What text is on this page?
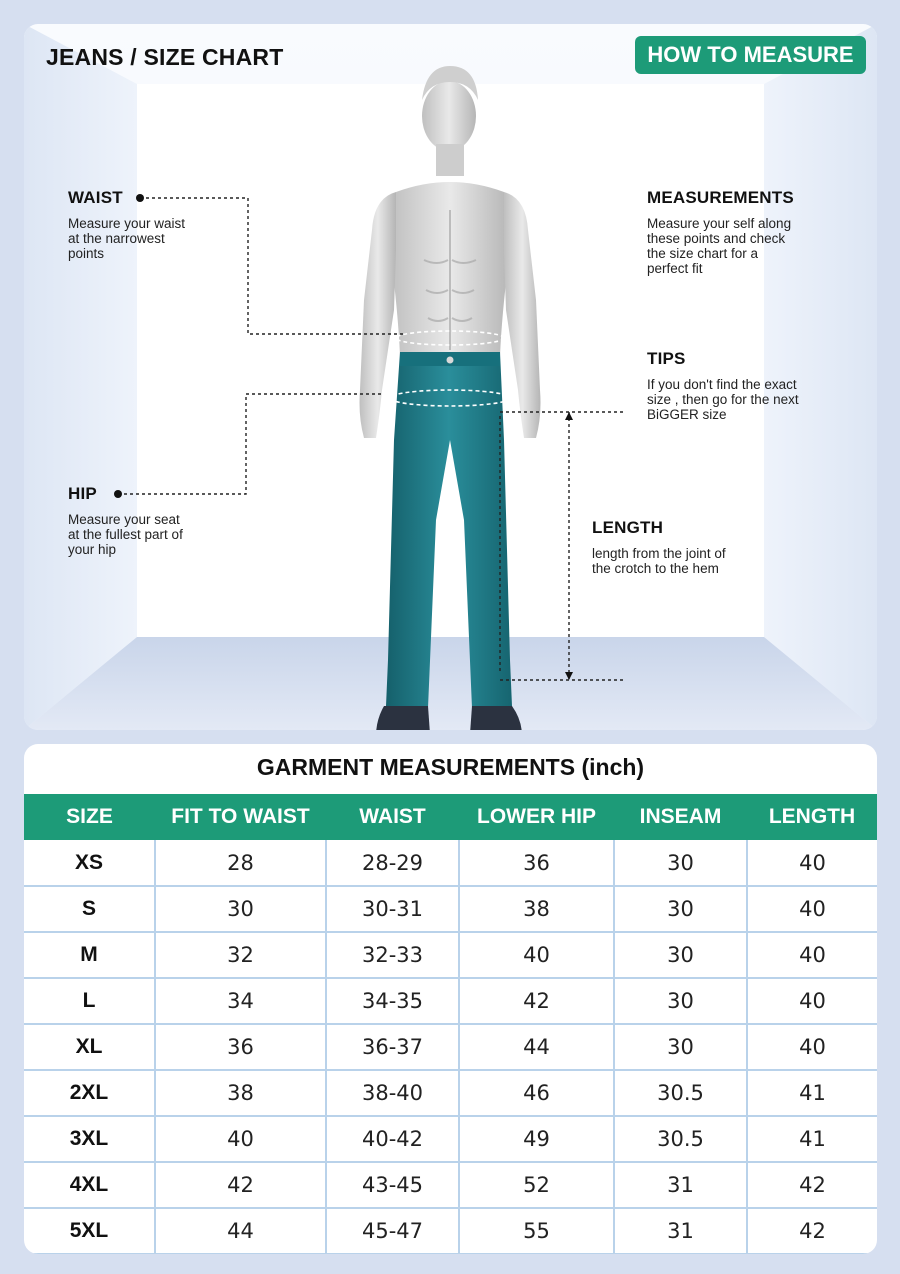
JEANS / SIZE CHART	HOW TO MEASURE
WAIST
Measure your waist
at the narrowest
points
HIP
Measure your seat
at the fullest part of
your hip
MEASUREMENTS
Measure your self along
these points and check
the size chart for a
perfect fit
TIPS
If you don't find the exact
size , then go for the next
BiGGER size
LENGTH
length from the joint of
the crotch to the hem
GARMENT MEASUREMENTS (inch)
SIZE	FIT TO WAIST	WAIST	LOWER HIP	INSEAM	LENGTH
XS	28	28-29	36	30	40
S	30	30-31	38	30	40
M	32	32-33	40	30	40
L	34	34-35	42	30	40
XL	36	36-37	44	30	40
2XL	38	38-40	46	30.5	41
3XL	40	40-42	49	30.5	41
4XL	42	43-45	52	31	42
5XL	44	45-47	55	31	42
